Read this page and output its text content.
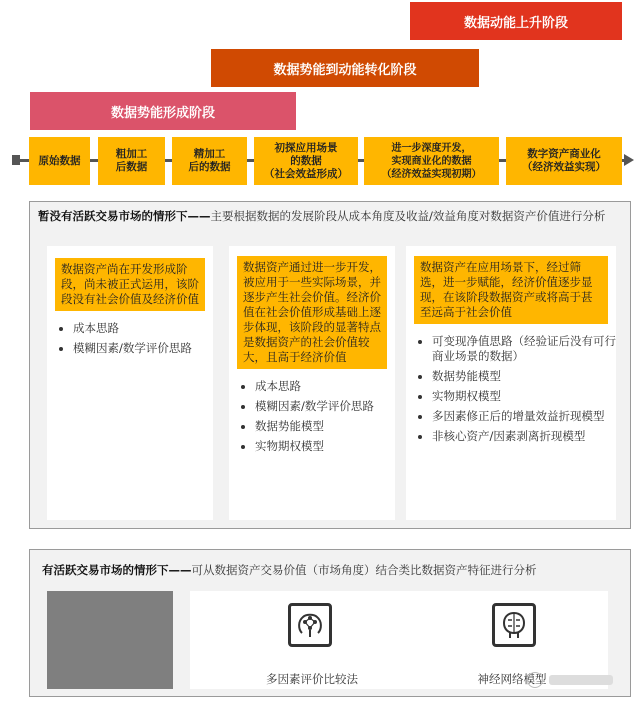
数据动能上升阶段
数据势能到动能转化阶段
数据势能形成阶段
原始数据
粗加工
后数据
精加工
后的数据
初探应用场景
的数据
（社会效益形成）
进一步深度开发，
实现商业化的数据
（经济效益实现初期）
数字资产商业化
（经济效益实现）
暂没有活跃交易市场的情形下——主要根据数据的发展阶段从成本角度及收益/效益角度对数据资产价值进行分析
数据资产尚在开发形成阶段，尚未被正式运用，该阶段没有社会价值及经济价值
• 成本思路
• 模糊因素/数学评价思路
数据资产通过进一步开发，被应用于一些实际场景，并逐步产生社会价值。经济价值在社会价值形成基础上逐步体现，该阶段的显著特点是数据资产的社会价值较大，且高于经济价值
• 成本思路
• 模糊因素/数学评价思路
• 数据势能模型
• 实物期权模型
数据资产在应用场景下，经过筛选，进一步赋能，经济价值逐步显现，在该阶段数据资产或将高于甚至远高于社会价值
• 可变现净值思路（经验证后没有可行商业场景的数据）
• 数据势能模型
• 实物期权模型
• 多因素修正后的增量效益折现模型
• 非核心资产/因素剥离折现模型
有活跃交易市场的情形下——可从数据资产交易价值（市场角度）结合类比数据资产特征进行分析
多因素评价比较法	神经网络模型
